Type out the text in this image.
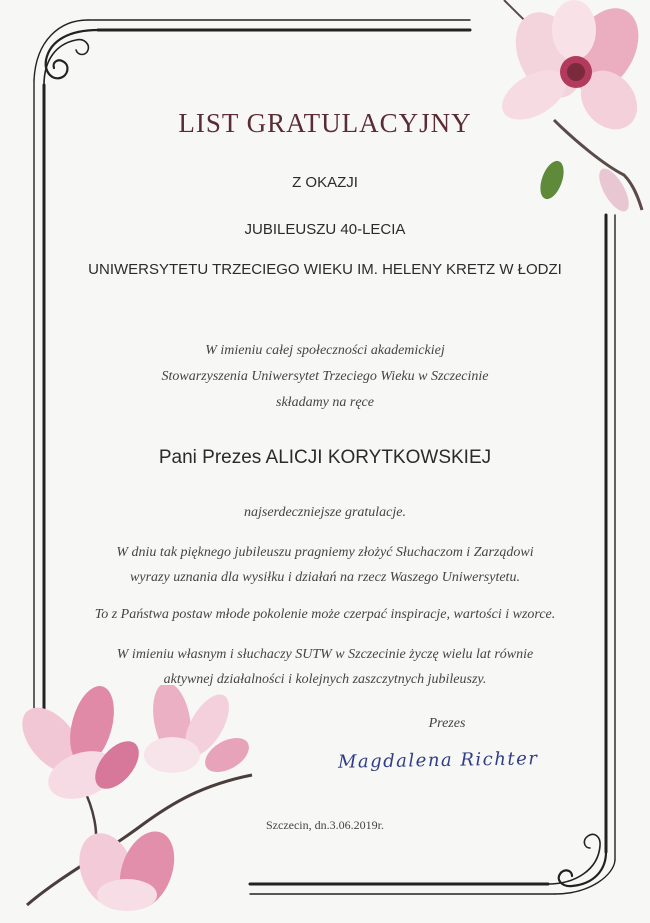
LIST GRATULACYJNY
Z OKAZJI
JUBILEUSZU 40-LECIA
UNIWERSYTETU TRZECIEGO WIEKU IM. HELENY KRETZ W ŁODZI
W imieniu całej społeczności akademickiej
Stowarzyszenia Uniwersytet Trzeciego Wieku w Szczecinie
składamy na ręce
Pani Prezes ALICJI KORYTKOWSKIEJ
najserdeczniejsze gratulacje.
W dniu tak pięknego jubileuszu pragniemy złożyć Słuchaczom i Zarządowi
wyrazy uznania dla wysiłku i działań na rzecz Waszego Uniwersytetu.
To z Państwa postaw młode pokolenie może czerpać inspiracje, wartości i wzorce.
W imieniu własnym i słuchaczy SUTW w Szczecinie życzę wielu lat równie
aktywnej działalności i kolejnych zaszczytnych jubileuszy.
Prezes
Magdalena Richter
Szczecin, dn.3.06.2019r.
